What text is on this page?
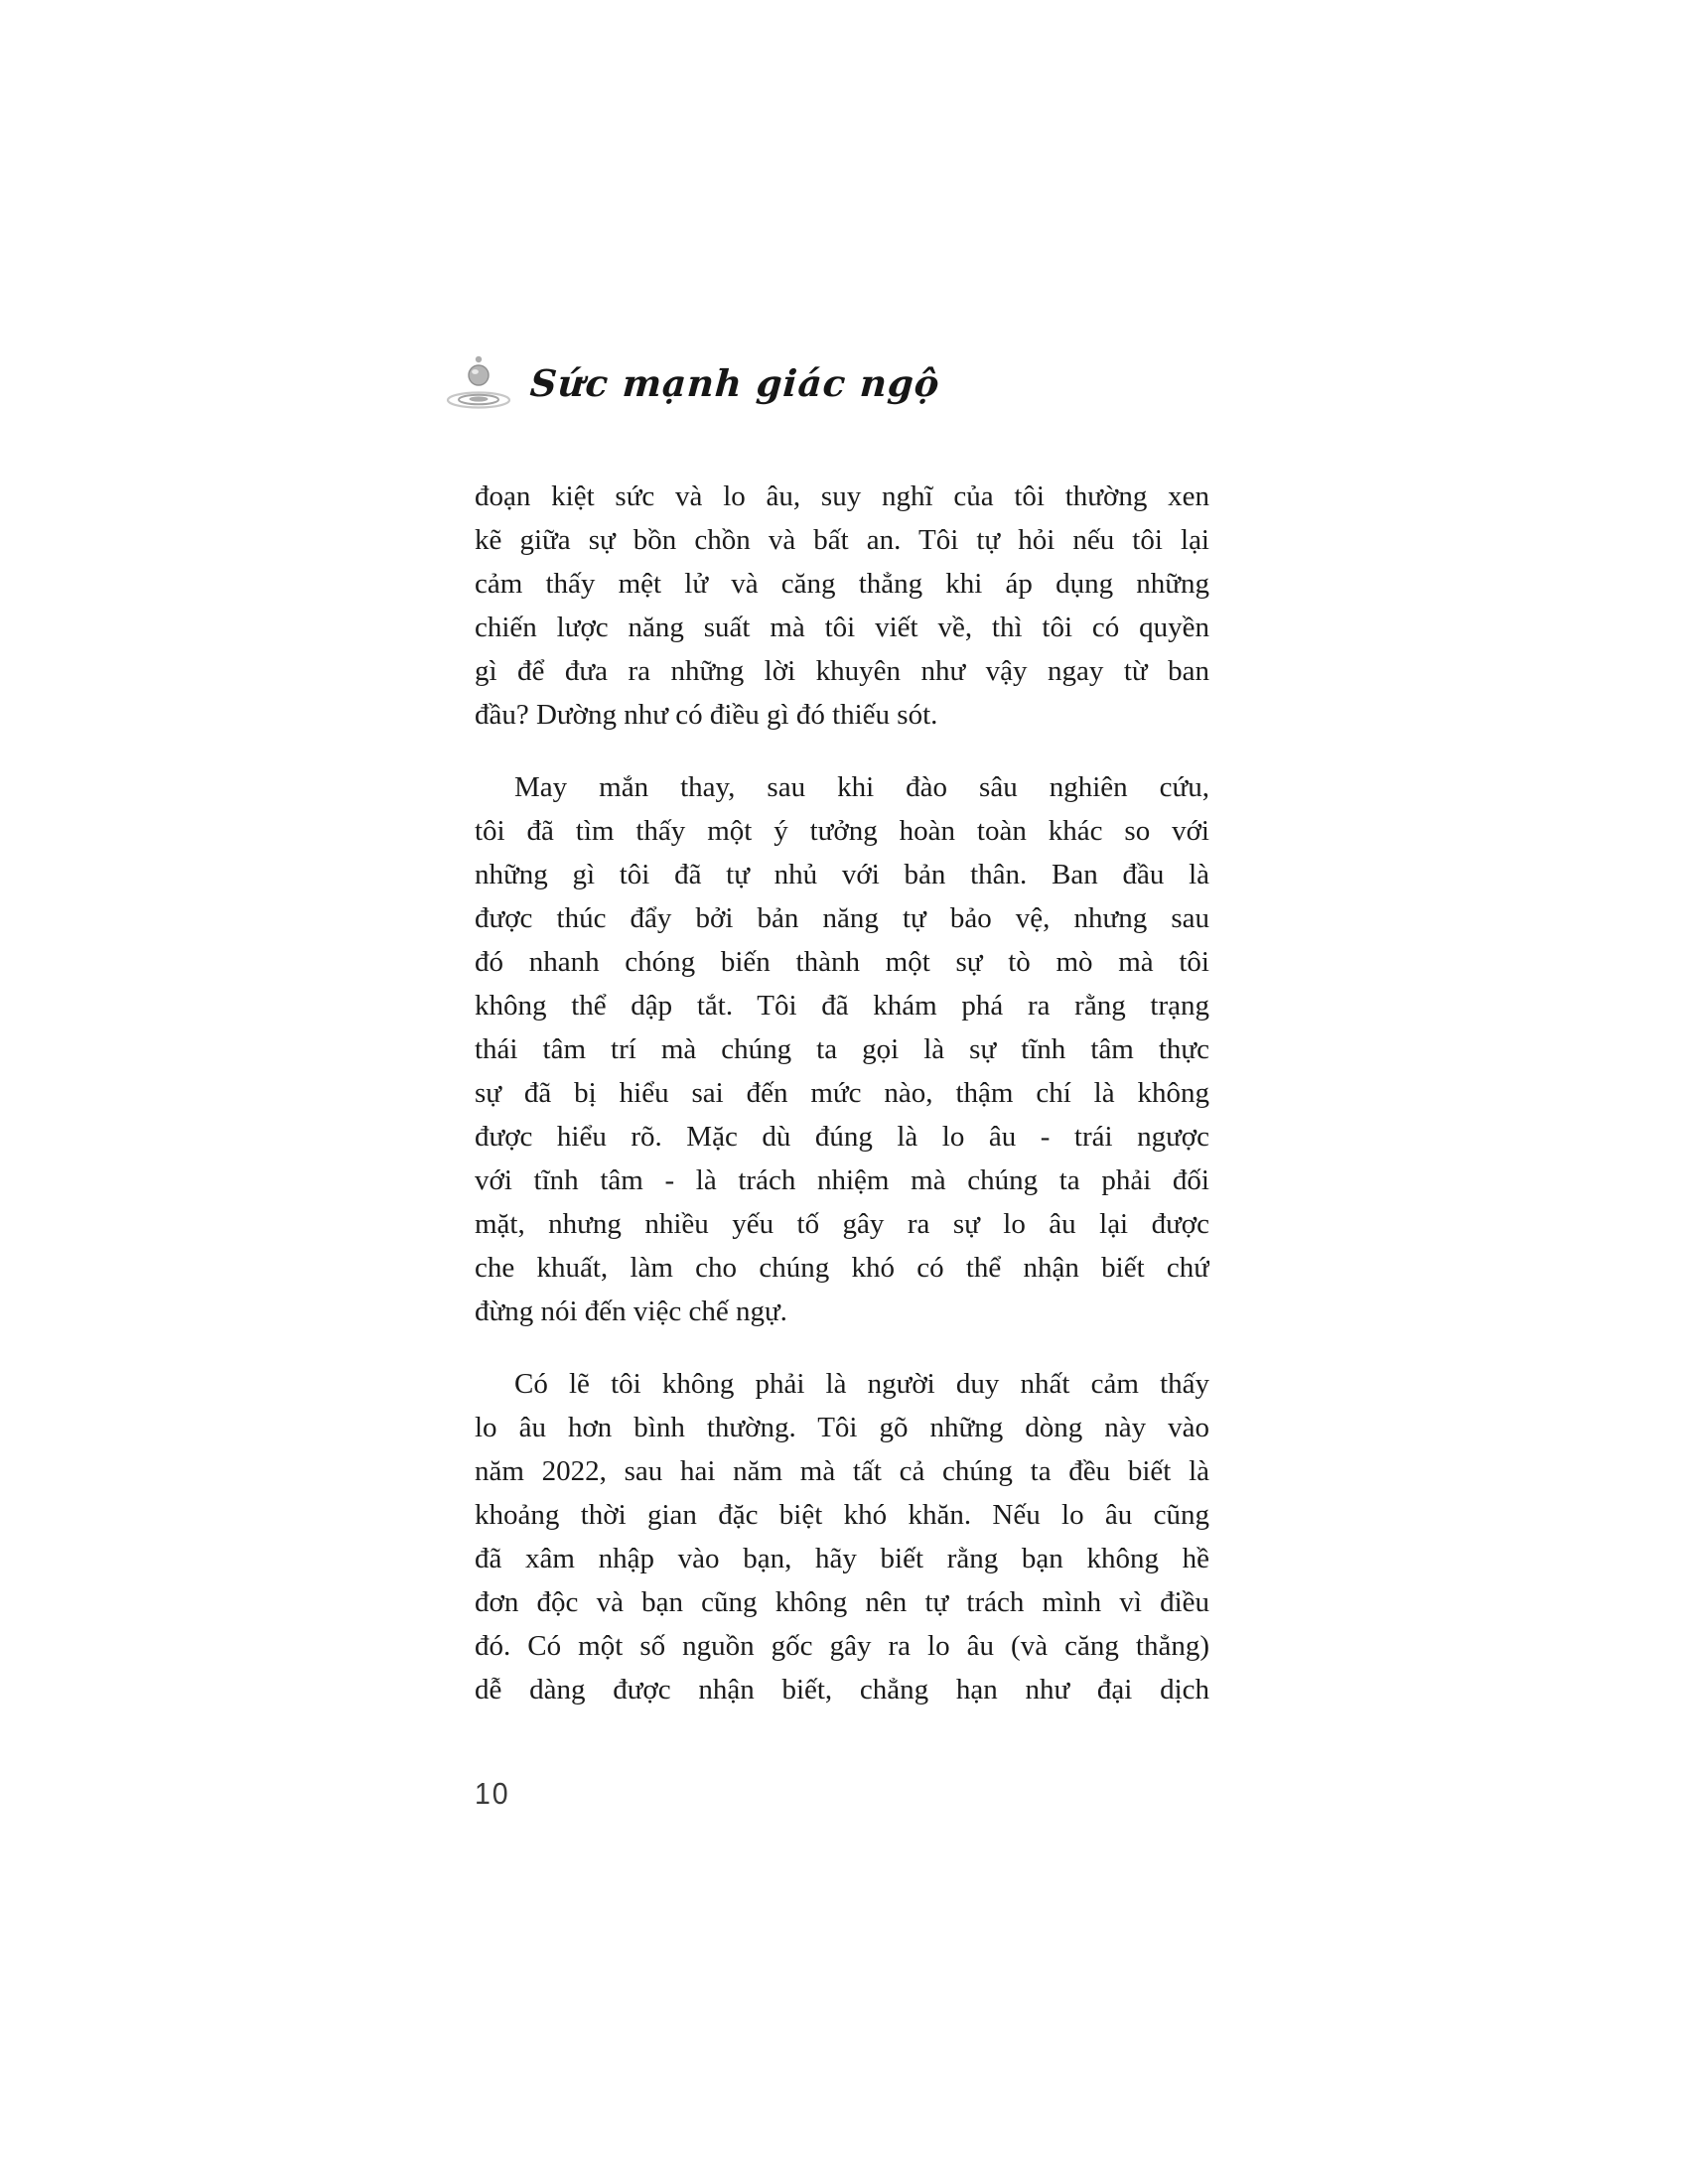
Sức mạnh giác ngộ
đoạn kiệt sức và lo âu, suy nghĩ của tôi thường xen
kẽ giữa sự bồn chồn và bất an. Tôi tự hỏi nếu tôi lại
cảm thấy mệt lử và căng thẳng khi áp dụng những
chiến lược năng suất mà tôi viết về, thì tôi có quyền
gì để đưa ra những lời khuyên như vậy ngay từ ban
đầu? Dường như có điều gì đó thiếu sót.
May mắn thay, sau khi đào sâu nghiên cứu,
tôi đã tìm thấy một ý tưởng hoàn toàn khác so với
những gì tôi đã tự nhủ với bản thân. Ban đầu là
được thúc đẩy bởi bản năng tự bảo vệ, nhưng sau
đó nhanh chóng biến thành một sự tò mò mà tôi
không thể dập tắt. Tôi đã khám phá ra rằng trạng
thái tâm trí mà chúng ta gọi là sự tĩnh tâm thực
sự đã bị hiểu sai đến mức nào, thậm chí là không
được hiểu rõ. Mặc dù đúng là lo âu - trái ngược
với tĩnh tâm - là trách nhiệm mà chúng ta phải đối
mặt, nhưng nhiều yếu tố gây ra sự lo âu lại được
che khuất, làm cho chúng khó có thể nhận biết chứ
đừng nói đến việc chế ngự.
Có lẽ tôi không phải là người duy nhất cảm thấy
lo âu hơn bình thường. Tôi gõ những dòng này vào
năm 2022, sau hai năm mà tất cả chúng ta đều biết là
khoảng thời gian đặc biệt khó khăn. Nếu lo âu cũng
đã xâm nhập vào bạn, hãy biết rằng bạn không hề
đơn độc và bạn cũng không nên tự trách mình vì điều
đó. Có một số nguồn gốc gây ra lo âu (và căng thẳng)
dễ dàng được nhận biết, chẳng hạn như đại dịch
10
